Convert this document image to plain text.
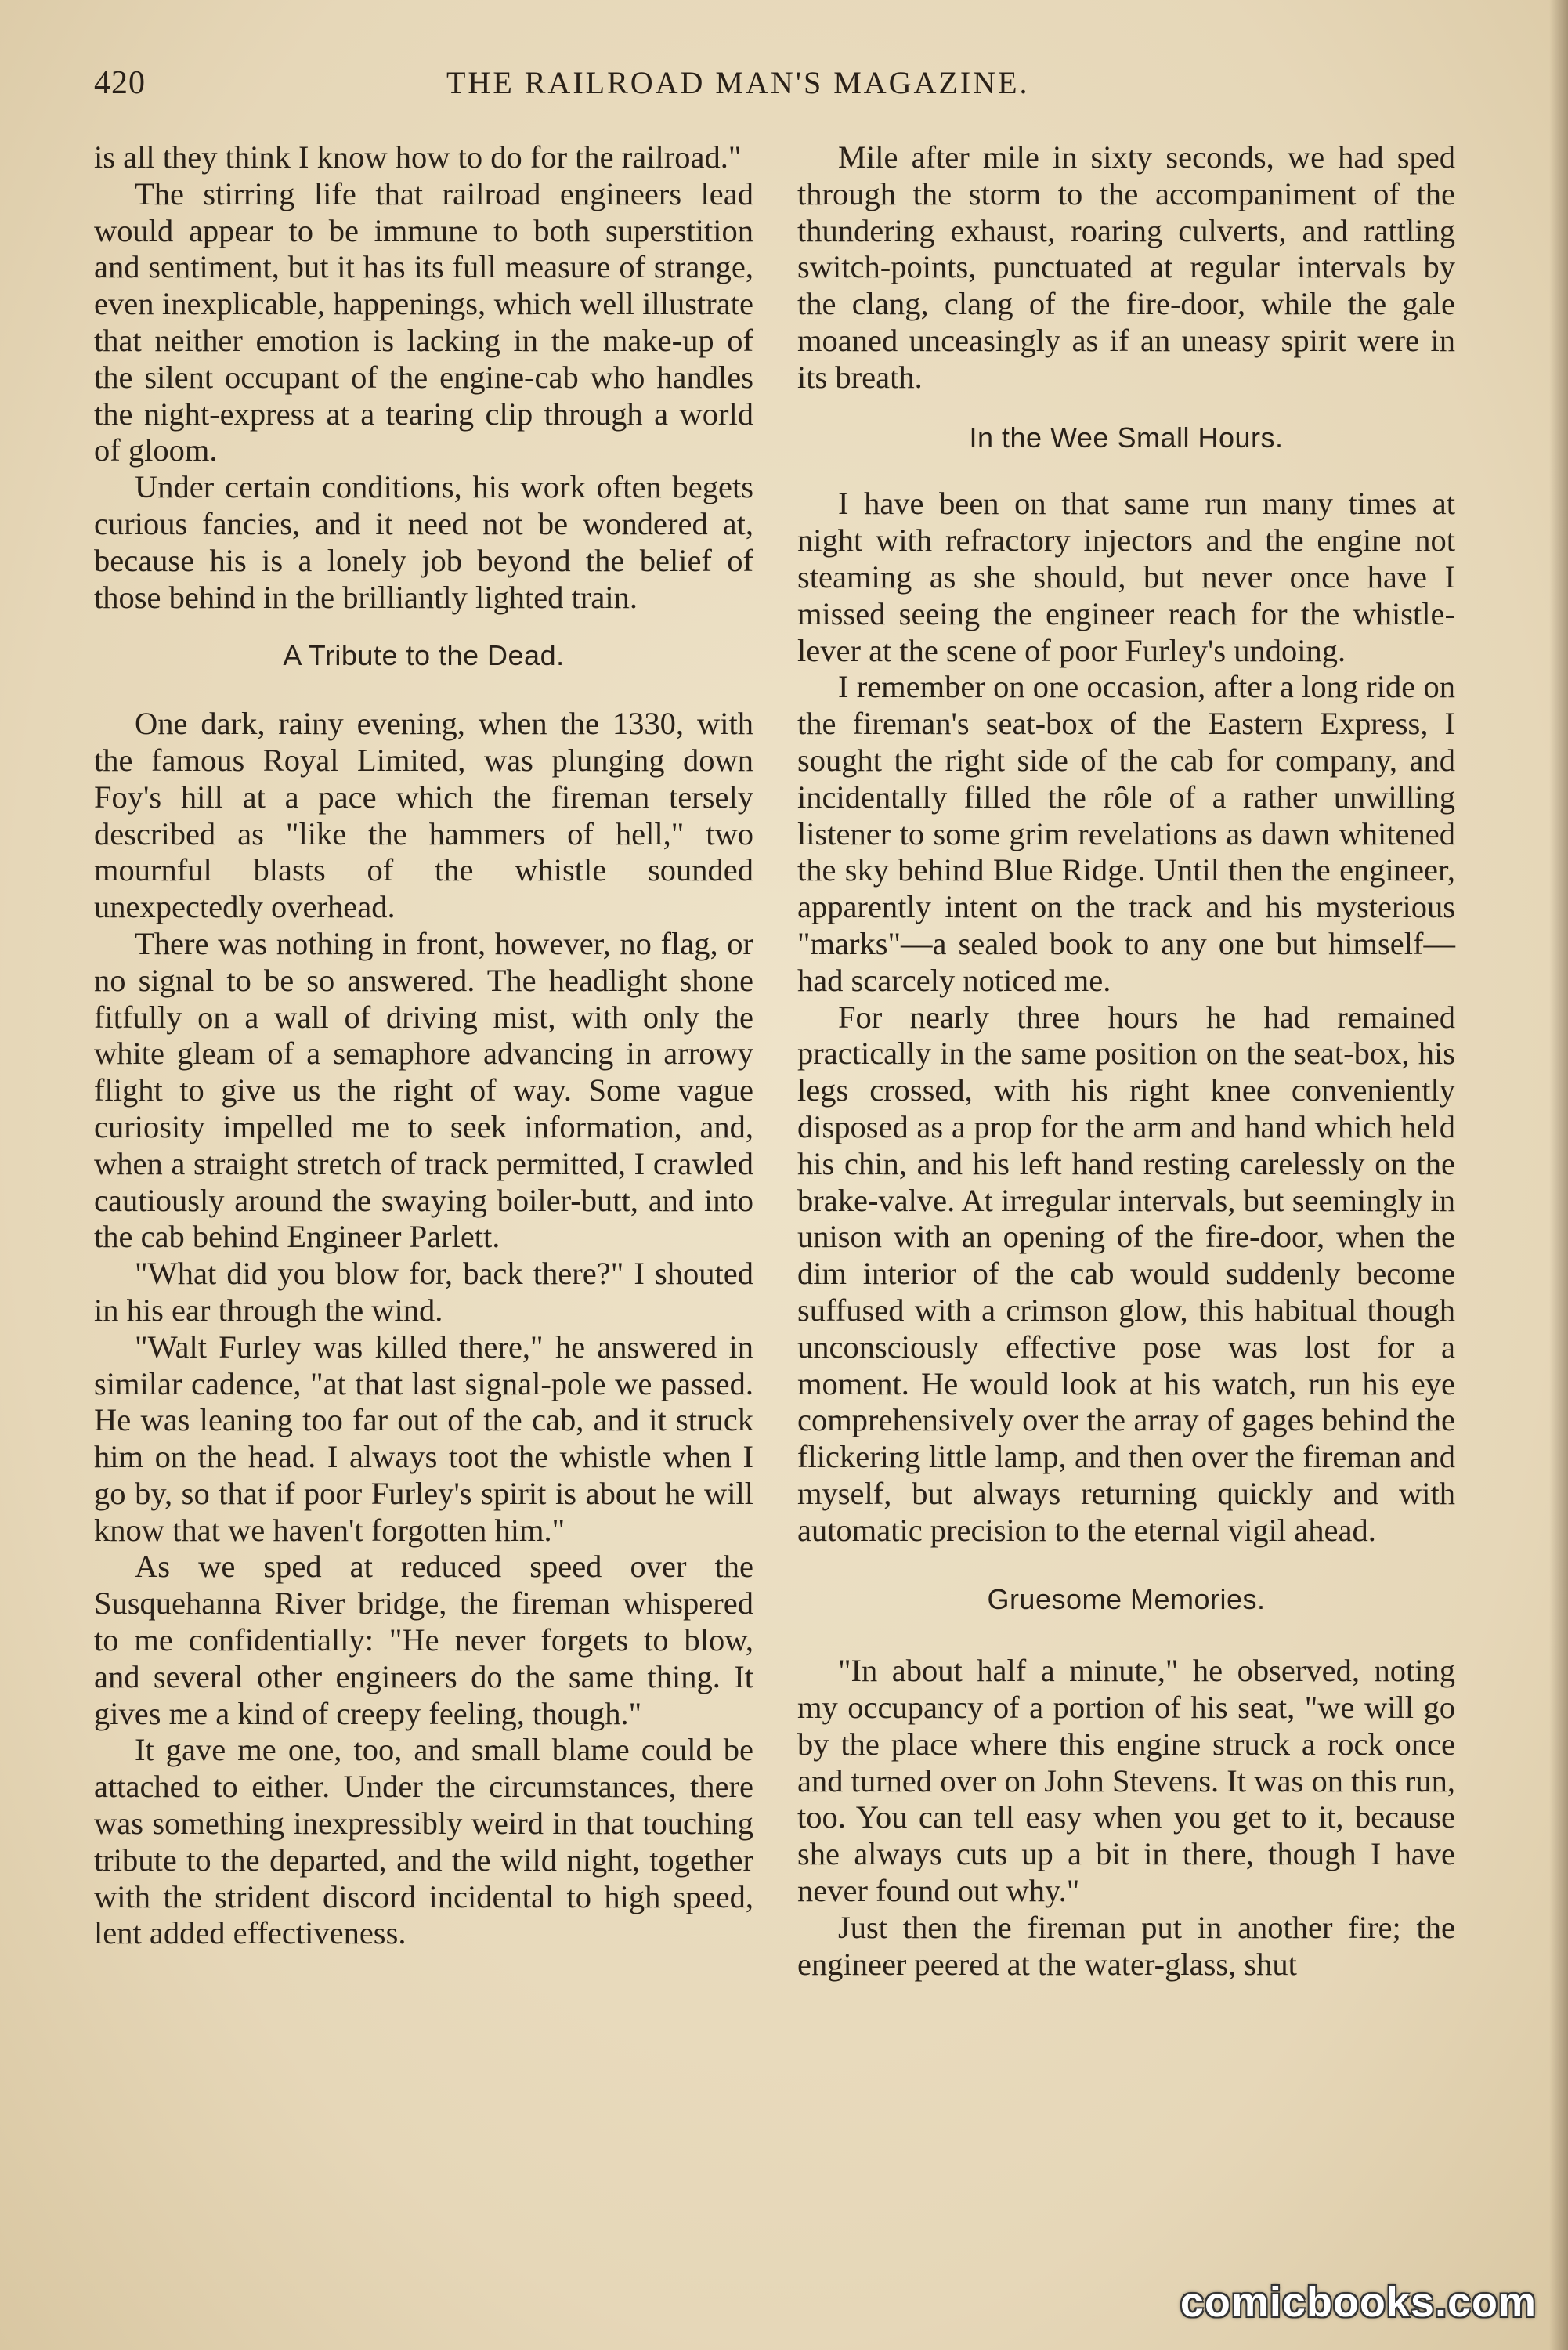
420	THE RAILROAD MAN'S MAGAZINE.

is all they think I know how to do for the railroad."

The stirring life that railroad engineers lead would appear to be immune to both superstition and sentiment, but it has its full measure of strange, even inexplicable, happenings, which well illustrate that neither emotion is lacking in the make-up of the silent occupant of the engine-cab who handles the night-express at a tearing clip through a world of gloom.

Under certain conditions, his work often begets curious fancies, and it need not be wondered at, because his is a lonely job beyond the belief of those behind in the brilliantly lighted train.

A Tribute to the Dead.

One dark, rainy evening, when the 1330, with the famous Royal Limited, was plunging down Foy's hill at a pace which the fireman tersely described as "like the hammers of hell," two mournful blasts of the whistle sounded unexpectedly overhead.

There was nothing in front, however, no flag, or no signal to be so answered. The headlight shone fitfully on a wall of driving mist, with only the white gleam of a semaphore advancing in arrowy flight to give us the right of way. Some vague curiosity impelled me to seek information, and, when a straight stretch of track permitted, I crawled cautiously around the swaying boiler-butt, and into the cab behind Engineer Parlett.

"What did you blow for, back there?" I shouted in his ear through the wind.

"Walt Furley was killed there," he answered in similar cadence, "at that last signal-pole we passed. He was leaning too far out of the cab, and it struck him on the head. I always toot the whistle when I go by, so that if poor Furley's spirit is about he will know that we haven't forgotten him."

As we sped at reduced speed over the Susquehanna River bridge, the fireman whispered to me confidentially: "He never forgets to blow, and several other engineers do the same thing. It gives me a kind of creepy feeling, though."

It gave me one, too, and small blame could be attached to either. Under the circumstances, there was something inexpressibly weird in that touching tribute to the departed, and the wild night, together with the strident discord incidental to high speed, lent added effectiveness.

Mile after mile in sixty seconds, we had sped through the storm to the accompaniment of the thundering exhaust, roaring culverts, and rattling switch-points, punctuated at regular intervals by the clang, clang of the fire-door, while the gale moaned unceasingly as if an uneasy spirit were in its breath.

In the Wee Small Hours.

I have been on that same run many times at night with refractory injectors and the engine not steaming as she should, but never once have I missed seeing the engineer reach for the whistle-lever at the scene of poor Furley's undoing.

I remember on one occasion, after a long ride on the fireman's seat-box of the Eastern Express, I sought the right side of the cab for company, and incidentally filled the rôle of a rather unwilling listener to some grim revelations as dawn whitened the sky behind Blue Ridge. Until then the engineer, apparently intent on the track and his mysterious "marks"—a sealed book to any one but himself—had scarcely noticed me.

For nearly three hours he had remained practically in the same position on the seat-box, his legs crossed, with his right knee conveniently disposed as a prop for the arm and hand which held his chin, and his left hand resting carelessly on the brake-valve. At irregular intervals, but seemingly in unison with an opening of the fire-door, when the dim interior of the cab would suddenly become suffused with a crimson glow, this habitual though unconsciously effective pose was lost for a moment. He would look at his watch, run his eye comprehensively over the array of gages behind the flickering little lamp, and then over the fireman and myself, but always returning quickly and with automatic precision to the eternal vigil ahead.

Gruesome Memories.

"In about half a minute," he observed, noting my occupancy of a portion of his seat, "we will go by the place where this engine struck a rock once and turned over on John Stevens. It was on this run, too. You can tell easy when you get to it, because she always cuts up a bit in there, though I have never found out why."

Just then the fireman put in another fire; the engineer peered at the water-glass, shut

comicbooks.com
